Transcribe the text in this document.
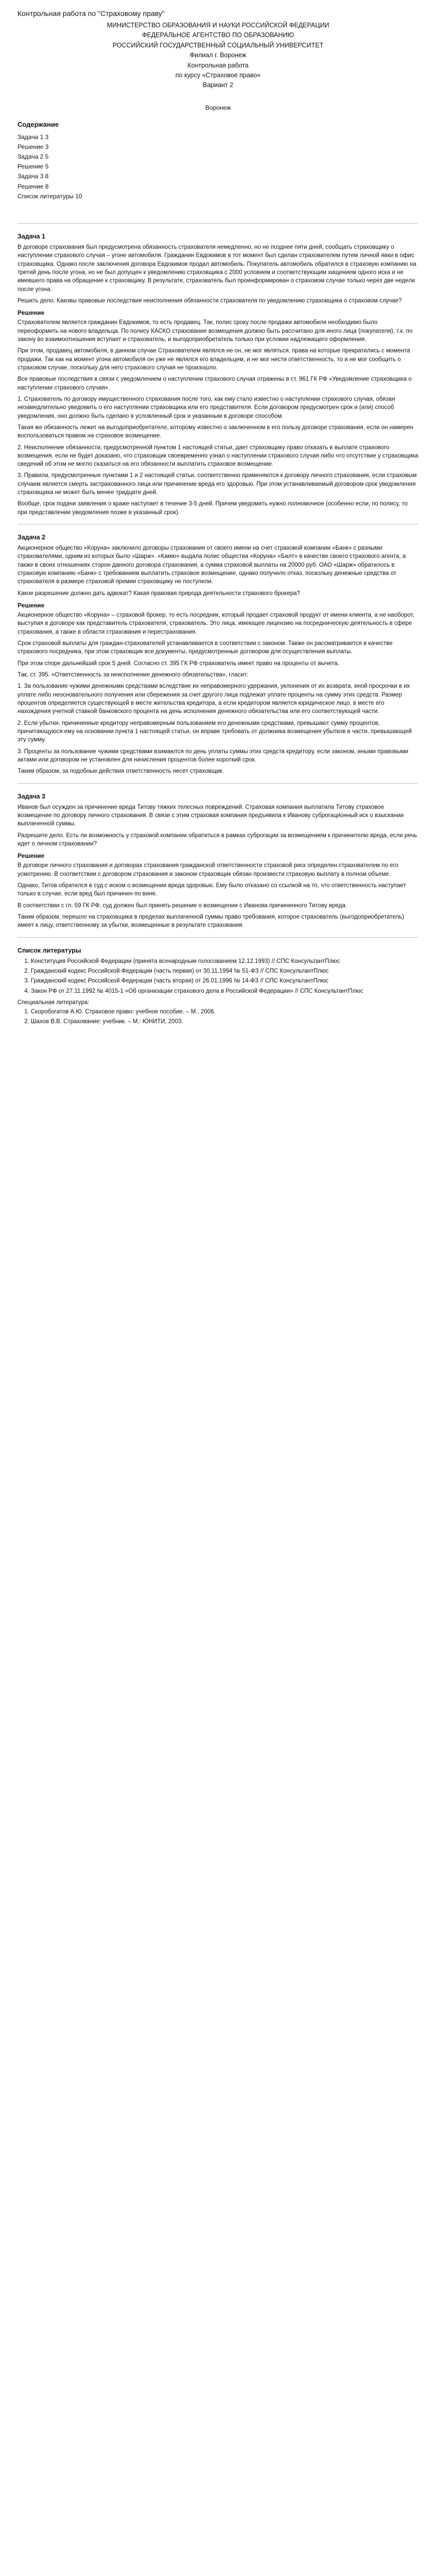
Контрольная работа по "Страховому праву"
МИНИСТЕРСТВО ОБРАЗОВАНИЯ И НАУКИ РОССИЙСКОЙ ФЕДЕРАЦИИ
ФЕДЕРАЛЬНОЕ АГЕНТСТВО ПО ОБРАЗОВАНИЮ
РОССИЙСКИЙ ГОСУДАРСТВЕННЫЙ СОЦИАЛЬНЫЙ УНИВЕРСИТЕТ
Филиал г. Воронеж
Контрольная работа
по курсу «Страховое право»
Вариант 2
Воронеж
Содержание
Задача 1 3
Решение 3
Задача 2 5
Решение 5
Задача 3 8
Решение 8
Список литературы 10
Задача 1

В договоре страхования был предусмотрена обязанность страхователя немедленно, но не позднее пяти дней, сообщать страховщику о наступлении страхового случая – угоне автомобиля. Гражданин Евдокимов в тот момент был сделан страхователем путем личной явки в офис страховщика. Однако после заключения договора Евдокимов продал автомобиль. Покупатель автомобиль обратился в страховую компанию на третий день после угона, но не был допущен к уведомлению страховщика с 2000 условием и соответствующим хищением одного иска и не имевшего права на обращение к страховщику. В результате, страхователь был проинформирован о страховом случае только через две недели после угона.

Решить дело. Каковы правовые последствия неисполнения обязанности страхователя по уведомлению страховщика о страховом случае?

Решение

Страхователем является гражданин Евдокимов, то есть продавец. Так, полис сроку после продажи автомобиля необходимо было переоформить на нового владельца. По полису КАСКО страхование возмещения должно быть рассчитано для иного лица (покупателя), т.к. по закону во взаимоотношения вступает и страхователь, и выгодоприобретатель только при условии надлежащего оформления.

При этом, продавец автомобиля, в данном случае Страхователем являлся не он, не мог являться, права на которые прекратились с момента продажи. Так как на момент угона автомобиля он уже не являлся его владельцем, и не мог нести ответственность, то и не мог сообщить о страховом случае, поскольку для него страхового случая не произошло.

Все правовые последствия в связи с уведомлением о наступлении страхового случая отражены в ст. 961 ГК РФ «Уведомление страховщика о наступлении страхового случая».

1. Страхователь по договору имущественного страхования после того, как ему стало известно о наступлении страхового случая, обязан незамедлительно уведомить о его наступлении страховщика или его представителя. Если договором предусмотрен срок и (или) способ уведомления, оно должно быть сделано в условленный срок и указанным в договоре способом.

Такая же обязанность лежит на выгодоприобретателе, которому известно о заключенном в его пользу договоре страхования, если он намерен воспользоваться правом на страховое возмещение.

2. Неисполнение обязанности, предусмотренной пунктом 1 настоящей статьи, дает страховщику право отказать в выплате страхового возмещения, если не будет доказано, что страховщик своевременно узнал о наступлении страхового случая либо что отсутствие у страховщика сведений об этом не могло сказаться на его обязанности выплатить страховое возмещение.

3. Правила, предусмотренные пунктами 1 и 2 настоящей статьи, соответственно применяются к договору личного страхования, если страховым случаем является смерть застрахованного лица или причинение вреда его здоровью. При этом устанавливаемый договором срок уведомления страховщика не может быть менее тридцати дней.

Вообще, срок подачи заявления о краже наступает в течение 3-5 дней. Причем уведомить нужно полномочное (особенно если, по полису, то при представлении уведомления позже в указанный срок).

Задача 2

Акционерное общество «Коруна» заключило договоры страхования от своего имени на счет страховой компании «Банк» с разными страхователями, одним из которых было «Шарж». «Камю» выдала полис общества «Коруна» «Балт» в качестве своего страхового агента, а также в своих отношениях сторон данного договора страхования, а сумма страховой выплаты на 20000 руб. ОАО «Шарж» обратилось в страховую компанию «Банк» с требованием выплатить страховое возмещение, однако получило отказ, поскольку денежные средства от страхователя в размере страховой премии страховщику не поступили.

Какое разрешение должно дать адвокат? Какая правовая природа деятельности страхового брокера?

Решение

Акционерное общество «Коруна» – страховой брокер, то есть посредник, который продает страховой продукт от имени клиента, а не наоборот, выступая в договоре как представитель страхователя, страхователь. Это лица, имеющее лицензию на посредническую деятельность в сфере страхования, а также в области страхования и перестрахования.

Срок страховой выплаты для граждан-страхователей устанавливается в соответствии с законом. Также он рассматривается в качестве страхового посредника, при этом страховщик все документы, предусмотренные договором для осуществления выплаты.

При этом споре дальнейший срок 5 дней. Согласно ст. 395 ГК РФ страхователь имеет право на проценты от вычета.

Так, ст. 395. «Ответственность за неисполнение денежного обязательства», гласит:

1. За пользование чужими денежными средствами вследствие их неправомерного удержания, уклонения от их возврата, иной просрочки в их уплате либо неосновательного получения или сбережения за счет другого лица подлежат уплате проценты на сумму этих средств. Размер процентов определяется существующей в месте жительства кредитора, а если кредитором является юридическое лицо, в месте его нахождения учетной ставкой банковского процента на день исполнения денежного обязательства или его соответствующей части.

2. Если убытки, причиненные кредитору неправомерным пользованием его денежными средствами, превышают сумму процентов, причитающуюся ему на основании пункта 1 настоящей статьи, он вправе требовать от должника возмещения убытков в части, превышающей эту сумму.

3. Проценты за пользование чужими средствами взимаются по день уплаты суммы этих средств кредитору, если законом, иными правовыми актами или договором не установлен для начисления процентов более короткий срок.

Таким образом, за подобные действия ответственность несет страховщик.

Задача 3

Иванов был осужден за причинение вреда Титову тяжких телесных повреждений. Страховая компания выплатила Титову страховое возмещение по договору личного страхования. В связи с этим страховая компания предъявила к Иванову суброгационный иск о взыскании выплаченной суммы.

Разрешите дело. Есть ли возможность у страховой компании обратиться в рамках суброгации за возмещением к причинителю вреда, если речь идет о личном страховании?

Решение

В договоре личного страхования и договорах страхования гражданской ответственности страховой риск определен страхователем по его усмотрению. В соответствии с договором страхования и законом страховщик обязан произвести страховую выплату в полном объеме.

Однако, Титов обратился в суд с иском о возмещении вреда здоровью. Ему было отказано со ссылкой на то, что ответственность наступает только в случае, если вред был причинен по вине.

В соответствии с гл. 59 ГК РФ, суд должен был принять решение о возмещении с Иванова причиненного Титову вреда.

Таким образом, перешло на страховщика в пределах выплаченной суммы право требования, которое страхователь (выгодоприобретатель) имеет к лицу, ответственному за убытки, возмещенные в результате страхования.

Список литературы
1. Конституция Российской Федерации (принята всенародным голосованием 12.12.1993) // СПС КонсультантПлюс
2. Гражданский кодекс Российской Федерации (часть первая) от 30.11.1994 № 51-ФЗ // СПС КонсультантПлюс
3. Гражданский кодекс Российской Федерации (часть вторая) от 26.01.1996 № 14-ФЗ // СПС КонсультантПлюс
4. Закон РФ от 27.11.1992 № 4015-1 «Об организации страхового дела в Российской Федерации» // СПС КонсультантПлюс
Специальная литература:
1. Скоробогатов А.Ю. Страховое право: учебное пособие. – М., 2006.
2. Шахов В.В. Страхование: учебник. – М.: ЮНИТИ, 2003.
